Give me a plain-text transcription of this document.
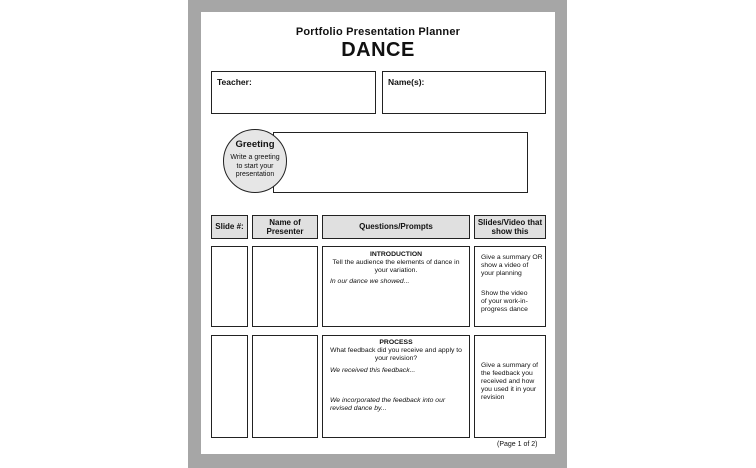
Portfolio Presentation Planner
DANCE
Teacher:	Name(s):
Greeting
Write a greeting to start your presentation
Slide #:
Name of Presenter
Questions/Prompts
Slides/Video that show this
INTRODUCTION
Tell the audience the elements of dance in your variation.
In our dance we showed...
Give a summary OR show a video of your planning
Show the video of your work-in-progress dance
PROCESS
What feedback did you receive and apply to your revision?
We received this feedback...
We incorporated the feedback into our revised dance by...
Give a summary of the feedback you received and how you used it in your revision
(Page 1 of 2)
